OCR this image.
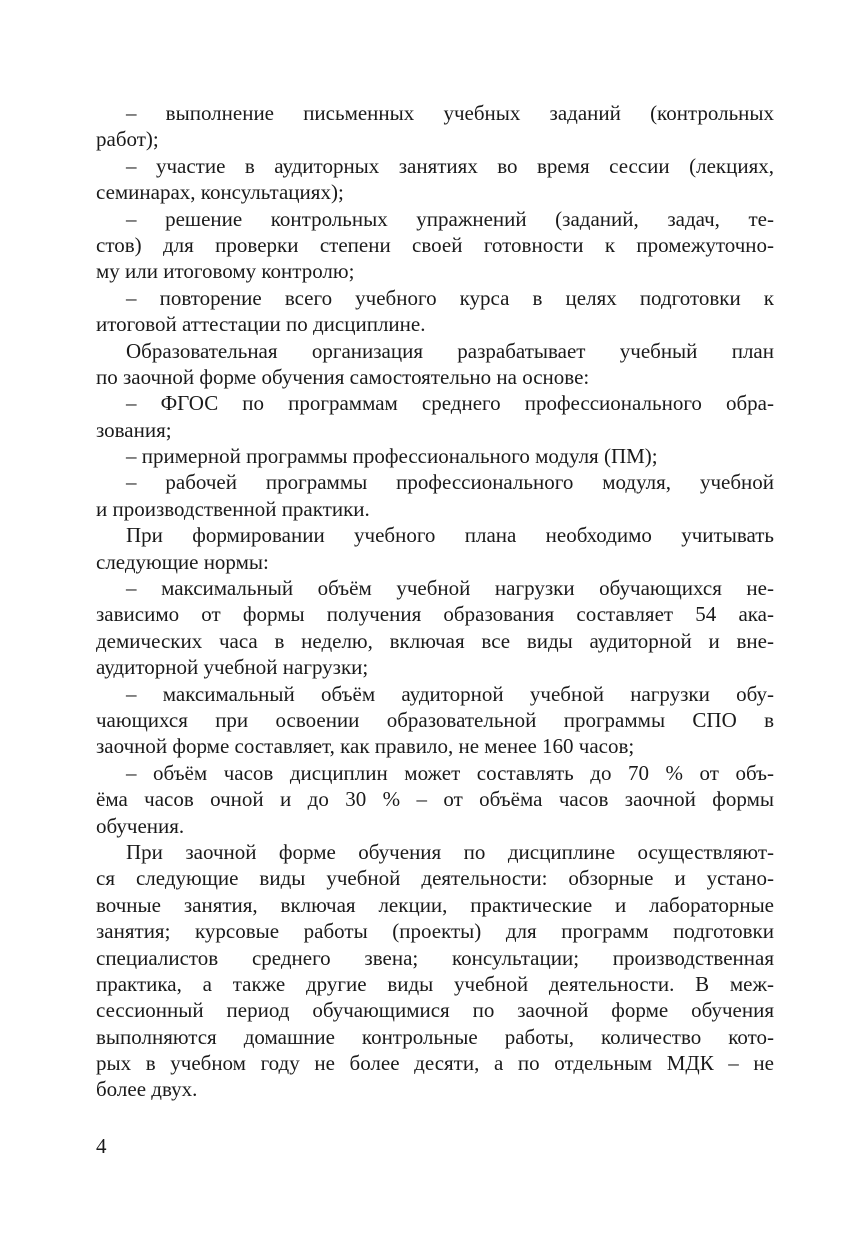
– выполнение письменных учебных заданий (контрольных
работ);
– участие в аудиторных занятиях во время сессии (лекциях,
семинарах, консультациях);
– решение контрольных упражнений (заданий, задач, те-
стов) для проверки степени своей готовности к промежуточно-
му или итоговому контролю;
– повторение всего учебного курса в целях подготовки к
итоговой аттестации по дисциплине.
Образовательная организация разрабатывает учебный план
по заочной форме обучения самостоятельно на основе:
– ФГОС по программам среднего профессионального обра-
зования;
– примерной программы профессионального модуля (ПМ);
– рабочей программы профессионального модуля, учебной
и производственной практики.
При формировании учебного плана необходимо учитывать
следующие нормы:
– максимальный объём учебной нагрузки обучающихся не-
зависимо от формы получения образования составляет 54 ака-
демических часа в неделю, включая все виды аудиторной и вне-
аудиторной учебной нагрузки;
– максимальный объём аудиторной учебной нагрузки обу-
чающихся при освоении образовательной программы СПО в
заочной форме составляет, как правило, не менее 160 часов;
– объём часов дисциплин может составлять до 70 % от объ-
ёма часов очной и до 30 % – от объёма часов заочной формы
обучения.
При заочной форме обучения по дисциплине осуществляют-
ся следующие виды учебной деятельности: обзорные и устано-
вочные занятия, включая лекции, практические и лабораторные
занятия; курсовые работы (проекты) для программ подготовки
специалистов среднего звена; консультации; производственная
практика, а также другие виды учебной деятельности. В меж-
сессионный период обучающимися по заочной форме обучения
выполняются домашние контрольные работы, количество кото-
рых в учебном году не более десяти, а по отдельным МДК – не
более двух.
4
